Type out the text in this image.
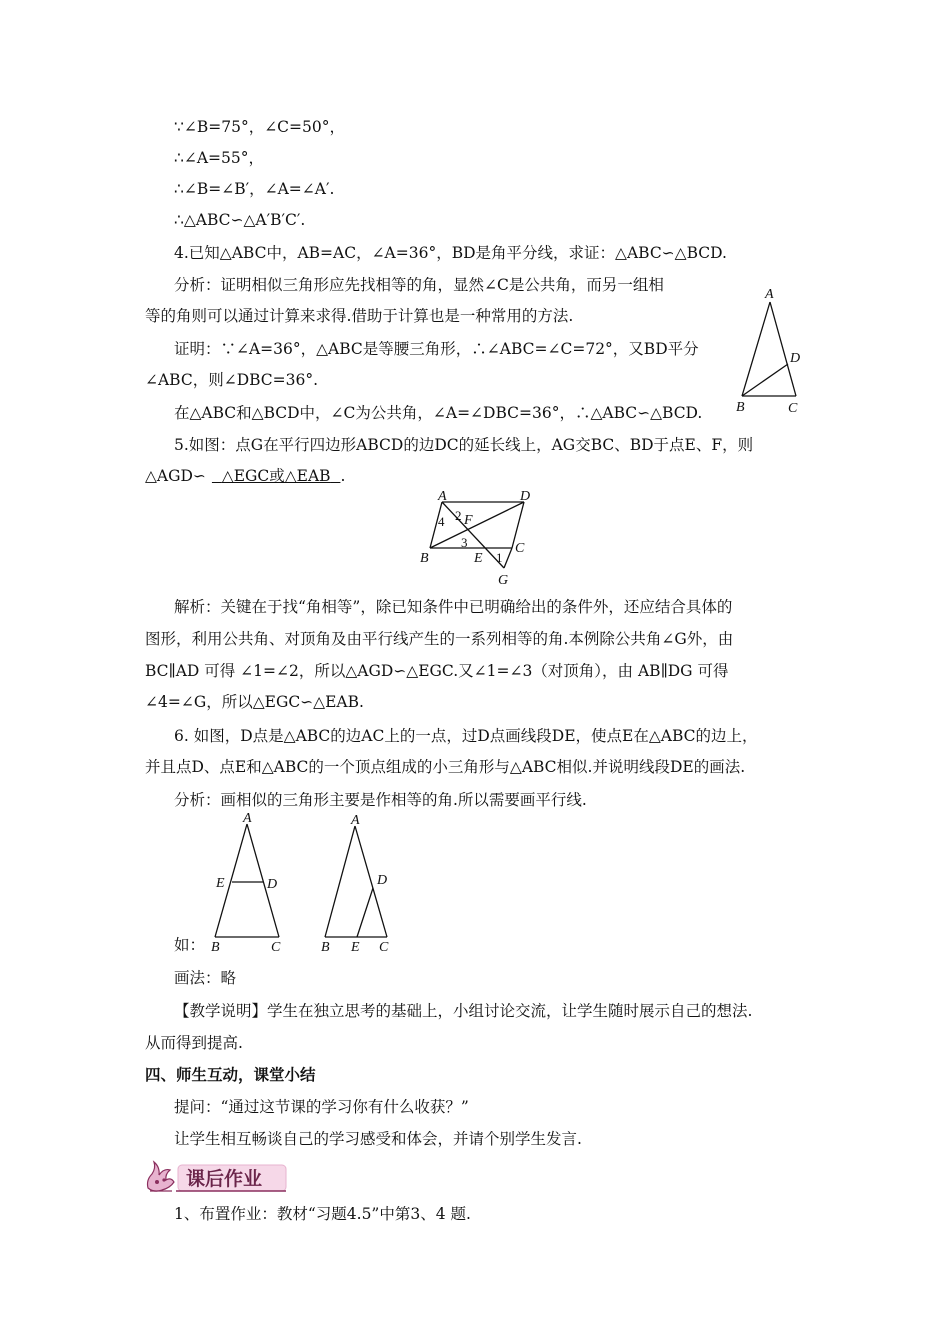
∵∠B=75°，∠C=50°，
∴∠A=55°，
∴∠B=∠B′，∠A=∠A′.
∴△ABC∽△A′B′C′.
4.已知△ABC中，AB=AC，∠A=36°，BD是角平分线，求证：△ABC∽△BCD.
分析：证明相似三角形应先找相等的角，显然∠C是公共角，而另一组相
等的角则可以通过计算来求得.借助于计算也是一种常用的方法.
证明：∵∠A=36°，△ABC是等腰三角形，∴∠ABC=∠C=72°，又BD平分
∠ABC，则∠DBC=36°.
在△ABC和△BCD中，∠C为公共角，∠A=∠DBC=36°，∴△ABC∽△BCD.
5.如图：点G在平行四边形ABCD的边DC的延长线上，AG交BC、BD于点E、F，则
△AGD∽ △EGC或△EAB .
解析：关键在于找“角相等”，除已知条件中已明确给出的条件外，还应结合具体的
图形，利用公共角、对顶角及由平行线产生的一系列相等的角.本例除公共角∠G外，由
BC∥AD 可得 ∠1=∠2，所以△AGD∽△EGC.又∠1=∠3（对顶角），由 AB∥DG 可得
∠4=∠G，所以△EGC∽△EAB.
6. 如图，D点是△ABC的边AC上的一点，过D点画线段DE，使点E在△ABC的边上，
并且点D、点E和△ABC的一个顶点组成的小三角形与△ABC相似.并说明线段DE的画法.
分析：画相似的三角形主要是作相等的角.所以需要画平行线.
如：
画法：略
【教学说明】学生在独立思考的基础上，小组讨论交流，让学生随时展示自己的想法.
从而得到提高.
四、师生互动，课堂小结
提问：“通过这节课的学习你有什么收获？”
让学生相互畅谈自己的学习感受和体会，并请个别学生发言.
1、布置作业：教材“习题4.5”中第3、4 题.
课后作业
A
D
B	C
A	D
B
C
E
F
G
1
2
3
4
A
E	D
B	C
A
D
B E C
